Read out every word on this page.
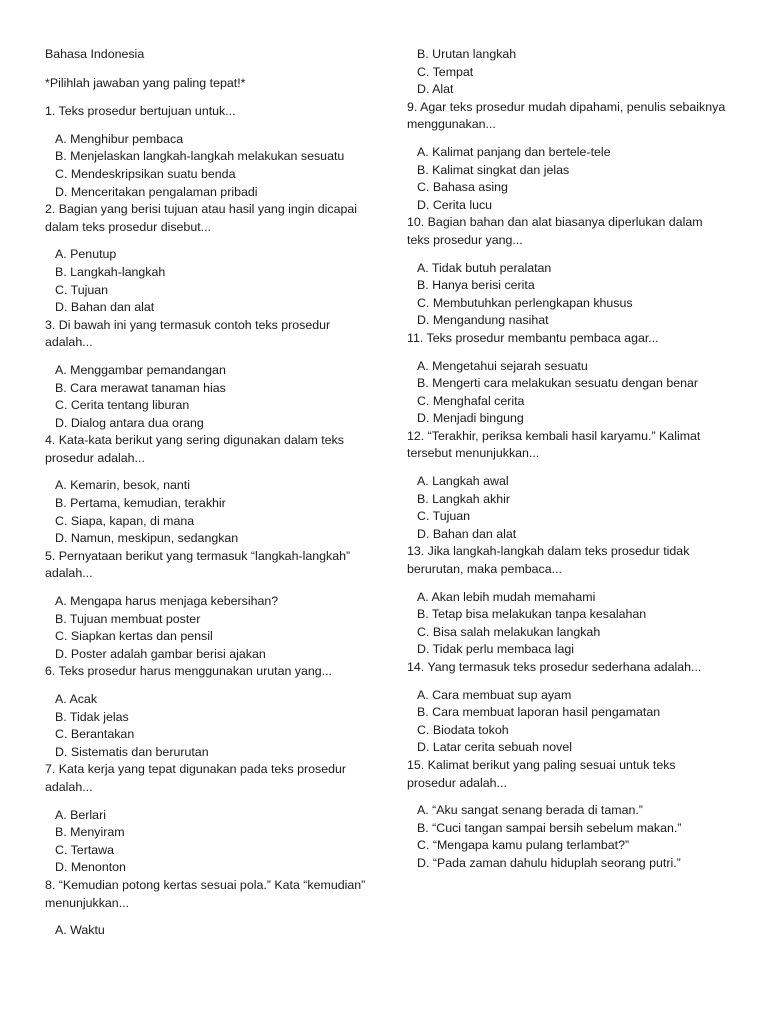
Bahasa Indonesia
*Pilihlah jawaban yang paling tepat!*
1. Teks prosedur bertujuan untuk...
A. Menghibur pembaca
B. Menjelaskan langkah-langkah melakukan sesuatu
C. Mendeskripsikan suatu benda
D. Menceritakan pengalaman pribadi
2. Bagian yang berisi tujuan atau hasil yang ingin dicapai dalam teks prosedur disebut...
A. Penutup
B. Langkah-langkah
C. Tujuan
D. Bahan dan alat
3. Di bawah ini yang termasuk contoh teks prosedur adalah...
A. Menggambar pemandangan
B. Cara merawat tanaman hias
C. Cerita tentang liburan
D. Dialog antara dua orang
4. Kata-kata berikut yang sering digunakan dalam teks prosedur adalah...
A. Kemarin, besok, nanti
B. Pertama, kemudian, terakhir
C. Siapa, kapan, di mana
D. Namun, meskipun, sedangkan
5. Pernyataan berikut yang termasuk “langkah-langkah” adalah...
A. Mengapa harus menjaga kebersihan?
B. Tujuan membuat poster
C. Siapkan kertas dan pensil
D. Poster adalah gambar berisi ajakan
6. Teks prosedur harus menggunakan urutan yang...
A. Acak
B. Tidak jelas
C. Berantakan
D. Sistematis dan berurutan
7. Kata kerja yang tepat digunakan pada teks prosedur adalah...
A. Berlari
B. Menyiram
C. Tertawa
D. Menonton
8. “Kemudian potong kertas sesuai pola.” Kata “kemudian” menunjukkan...
A. Waktu
B. Urutan langkah
C. Tempat
D. Alat
9. Agar teks prosedur mudah dipahami, penulis sebaiknya menggunakan...
A. Kalimat panjang dan bertele-tele
B. Kalimat singkat dan jelas
C. Bahasa asing
D. Cerita lucu
10. Bagian bahan dan alat biasanya diperlukan dalam teks prosedur yang...
A. Tidak butuh peralatan
B. Hanya berisi cerita
C. Membutuhkan perlengkapan khusus
D. Mengandung nasihat
11. Teks prosedur membantu pembaca agar...
A. Mengetahui sejarah sesuatu
B. Mengerti cara melakukan sesuatu dengan benar
C. Menghafal cerita
D. Menjadi bingung
12. “Terakhir, periksa kembali hasil karyamu.” Kalimat tersebut menunjukkan...
A. Langkah awal
B. Langkah akhir
C. Tujuan
D. Bahan dan alat
13. Jika langkah-langkah dalam teks prosedur tidak berurutan, maka pembaca...
A. Akan lebih mudah memahami
B. Tetap bisa melakukan tanpa kesalahan
C. Bisa salah melakukan langkah
D. Tidak perlu membaca lagi
14. Yang termasuk teks prosedur sederhana adalah...
A. Cara membuat sup ayam
B. Cara membuat laporan hasil pengamatan
C. Biodata tokoh
D. Latar cerita sebuah novel
15. Kalimat berikut yang paling sesuai untuk teks prosedur adalah...
A. “Aku sangat senang berada di taman.”
B. “Cuci tangan sampai bersih sebelum makan.”
C. “Mengapa kamu pulang terlambat?”
D. “Pada zaman dahulu hiduplah seorang putri.”
